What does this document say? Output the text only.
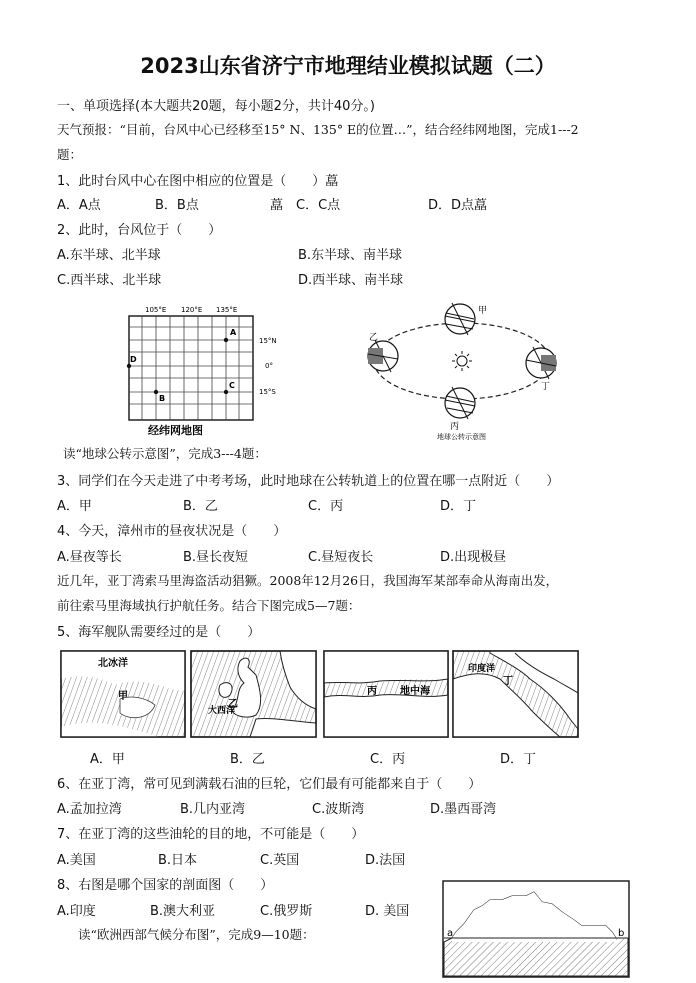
2023山东省济宁市地理结业模拟试题（二）
一、单项选择(本大题共20题，每小题2分，共计40分。)
天气预报：“目前，台风中心已经移至15° N、135° E的位置…”，结合经纬网地图，完成1---2
题：
1、此时台风中心在图中相应的位置是（　　）藠
A．A点	B．B点	藠　C．C点	D．D点藠
2、此时，台风位于（　　）
A.东半球、北半球	B.东半球、南半球
C.西半球、北半球	D.西半球、南半球
105°E 120°E 135°E
15°N
0°
15°S
A
B
C
D
经纬网地图
甲
乙
丙
丁
地球公转示意图
读“地球公转示意图”，完成3---4题：
3、同学们在今天走进了中考考场，此时地球在公转轨道上的位置在哪一点附近（　　）
A．甲	B．乙	C．丙	D．丁
4、今天，漳州市的昼夜状况是（　　）
A.昼夜等长	B.昼长夜短	C.昼短夜长	D.出现极昼
近几年，亚丁湾索马里海盗活动猖獗。2008年12月26日，我国海军某部奉命从海南出发，
前往索马里海域执行护航任务。结合下图完成5—7题：
5、海军舰队需要经过的是（　　）
北冰洋
甲
乙
大西洋
丙 地中海
丁
印度洋
A．甲	B．乙	C．丙	D．丁
6、在亚丁湾，常可见到满载石油的巨轮，它们最有可能都来自于（　　）
A.孟加拉湾	B.几内亚湾	C.波斯湾	D.墨西哥湾
7、在亚丁湾的这些油轮的目的地，不可能是（　　）
A.美国	B.日本	C.英国	D.法国
8、右图是哪个国家的剖面图（　　）
A.印度	B.澳大利亚	C.俄罗斯	D. 美国
读“欧洲西部气候分布图”，完成9—10题：	a	b
